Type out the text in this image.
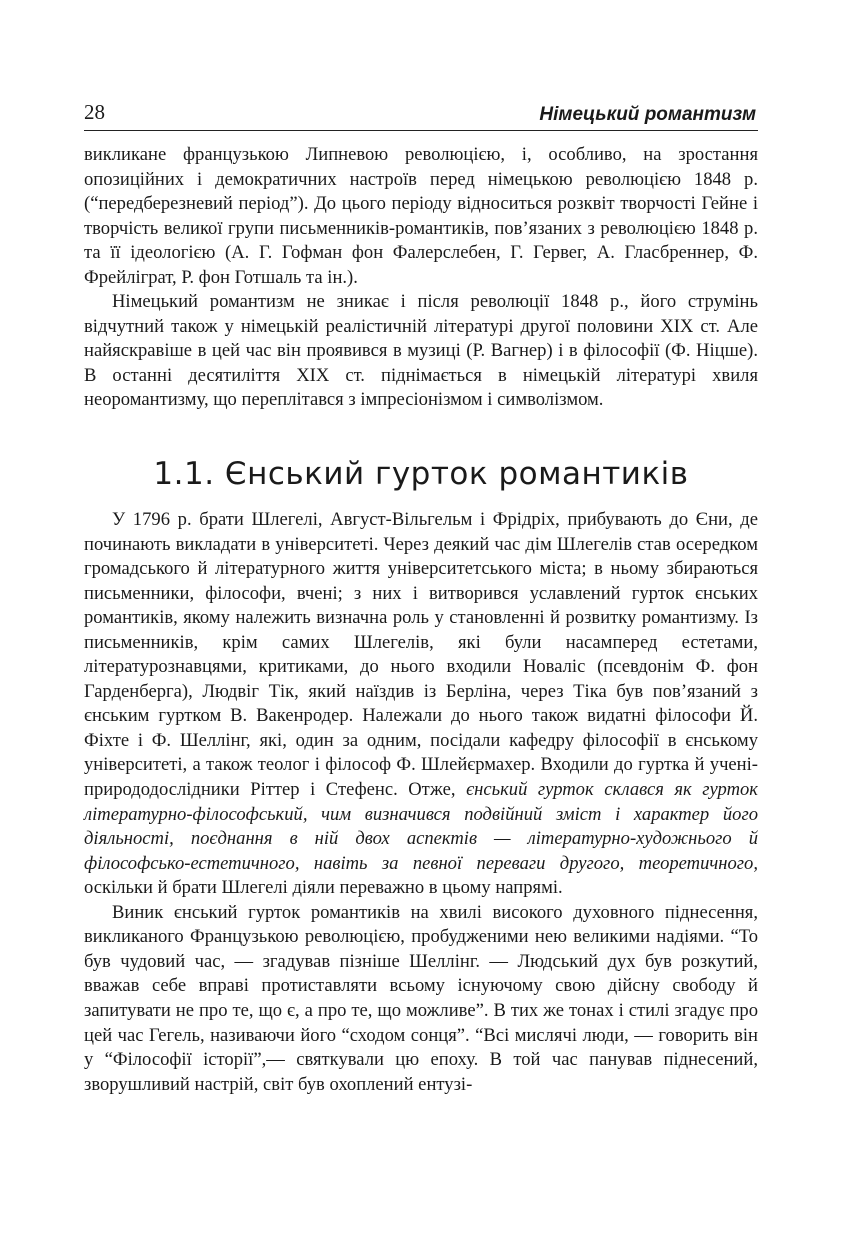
28	Німецький романтизм

викликане французькою Липневою революцією, і, особливо, на зростання опозиційних і демократичних настроїв перед німецькою революцією 1848 р. (“передберезневий період”). До цього періоду відноситься розквіт творчості Гейне і творчість великої групи письменників-романтиків, пов’язаних з революцією 1848 р. та її ідеологією (А. Г. Гофман фон Фалерслебен, Г. Гервег, А. Гласбреннер, Ф. Фрейліграт, Р. фон Готшаль та ін.).

Німецький романтизм не зникає і після революції 1848 р., його струмінь відчутний також у німецькій реалістичній літературі другої половини XIX ст. Але найяскравіше в цей час він проявився в музиці (Р. Вагнер) і в філософії (Ф. Ніцше). В останні десятиліття XIX ст. піднімається в німецькій літературі хвиля неоромантизму, що переплітався з імпресіонізмом і символізмом.

1.1. Єнський гурток романтиків

У 1796 р. брати Шлегелі, Август-Вільгельм і Фрідріх, прибувають до Єни, де починають викладати в університеті. Через деякий час дім Шлегелів став осередком громадського й літературного життя університетського міста; в ньому збираються письменники, філософи, вчені; з них і витворився уславлений гурток єнських романтиків, якому належить визначна роль у становленні й розвитку романтизму. Із письменників, крім самих Шлегелів, які були насамперед естетами, літературознавцями, критиками, до нього входили Новаліс (псевдонім Ф. фон Гарденберга), Людвіг Тік, який наїздив із Берліна, через Тіка був пов’язаний з єнським гуртком В. Вакенродер. Належали до нього також видатні філософи Й. Фіхте і Ф. Шеллінг, які, один за одним, посідали кафедру філософії в єнському університеті, а також теолог і філософ Ф. Шлейєрмахер. Входили до гуртка й учені-природодослідники Ріттер і Стефенс. Отже, єнський гурток склався як гурток літературно-філософський, чим визначився подвійний зміст і характер його діяльності, поєднання в ній двох аспектів — літературно-художнього й філософсько-естетичного, навіть за певної переваги другого, теоретичного, оскільки й брати Шлегелі діяли переважно в цьому напрямі.

Виник єнський гурток романтиків на хвилі високого духовного піднесення, викликаного Французькою революцією, пробудженими нею великими надіями. “То був чудовий час, — згадував пізніше Шеллінг. — Людський дух був розкутий, вважав себе вправі протиставляти всьому існуючому свою дійсну свободу й запитувати не про те, що є, а про те, що можливе”. В тих же тонах і стилі згадує про цей час Гегель, називаючи його “сходом сонця”. “Всі мислячі люди, — говорить він у “Філософії історії”,— святкували цю епоху. В той час панував піднесений, зворушливий настрій, світ був охоплений ентузі-
